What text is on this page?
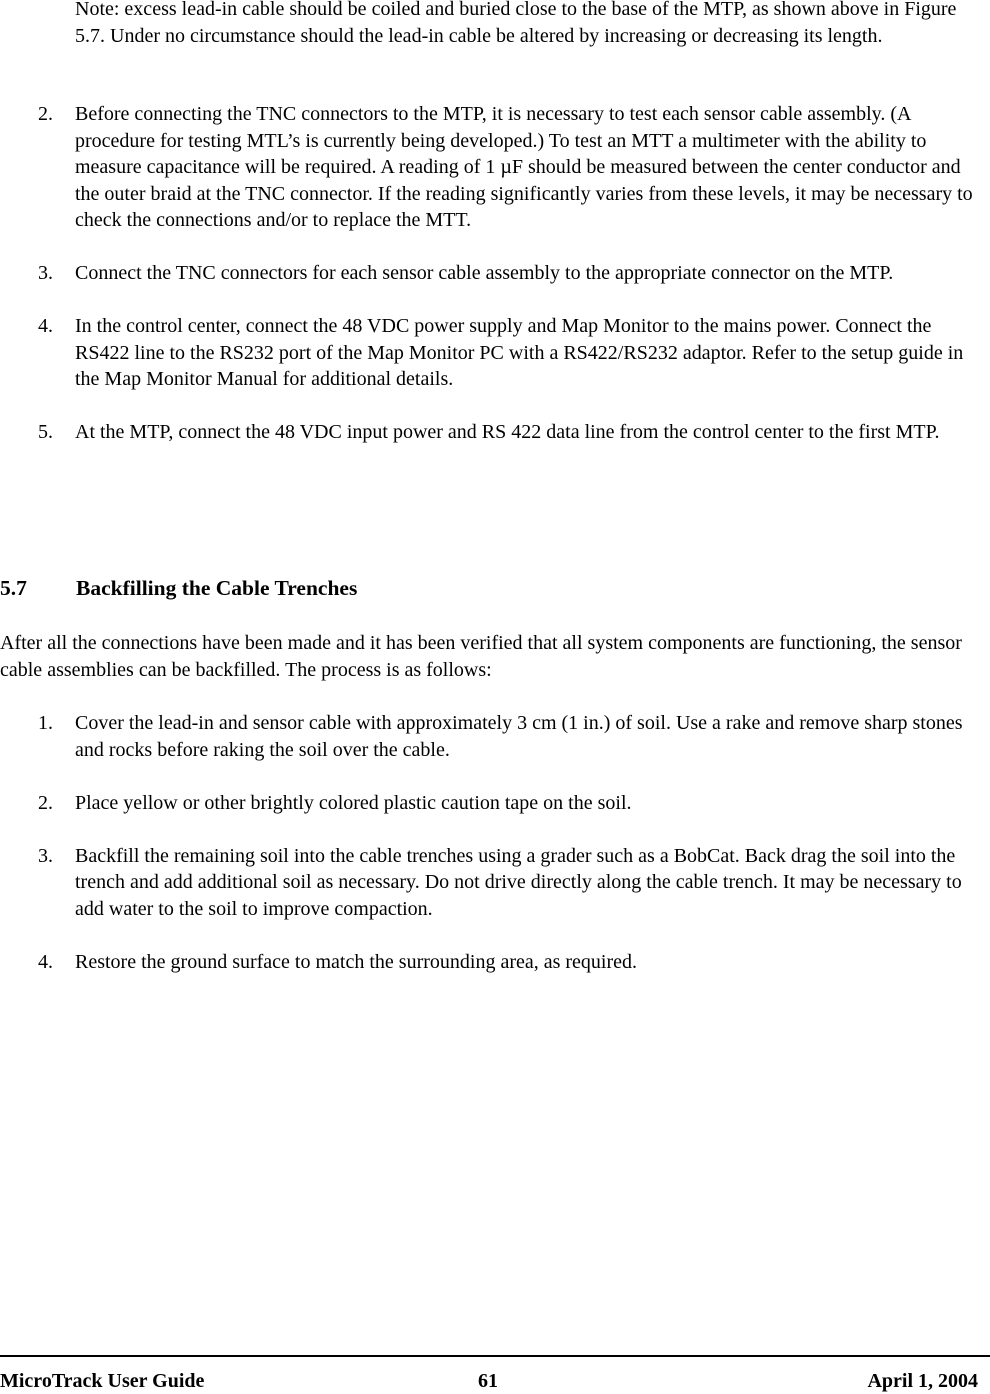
Note: excess lead-in cable should be coiled and buried close to the base of the MTP, as shown above in Figure 5.7. Under no circumstance should the lead-in cable be altered by increasing or decreasing its length.

2.	Before connecting the TNC connectors to the MTP, it is necessary to test each sensor cable assembly. (A procedure for testing MTL’s is currently being developed.) To test an MTT a multimeter with the ability to measure capacitance will be required. A reading of 1 µF should be measured between the center conductor and the outer braid at the TNC connector. If the reading significantly varies from these levels, it may be necessary to check the connections and/or to replace the MTT.
3.	Connect the TNC connectors for each sensor cable assembly to the appropriate connector on the MTP.
4.	In the control center, connect the 48 VDC power supply and Map Monitor to the mains power. Connect the RS422 line to the RS232 port of the Map Monitor PC with a RS422/RS232 adaptor. Refer to the setup guide in the Map Monitor Manual for additional details.
5.	At the MTP, connect the 48 VDC input power and RS 422 data line from the control center to the first MTP.
5.7 Backfilling the Cable Trenches

After all the connections have been made and it has been verified that all system components are functioning, the sensor cable assemblies can be backfilled. The process is as follows:

1.	Cover the lead-in and sensor cable with approximately 3 cm (1 in.) of soil. Use a rake and remove sharp stones and rocks before raking the soil over the cable.
2.	Place yellow or other brightly colored plastic caution tape on the soil.
3.	Backfill the remaining soil into the cable trenches using a grader such as a BobCat. Back drag the soil into the trench and add additional soil as necessary. Do not drive directly along the cable trench. It may be necessary to add water to the soil to improve compaction.
4.	Restore the ground surface to match the surrounding area, as required.
MicroTrack User Guide	61	April 1, 2004
